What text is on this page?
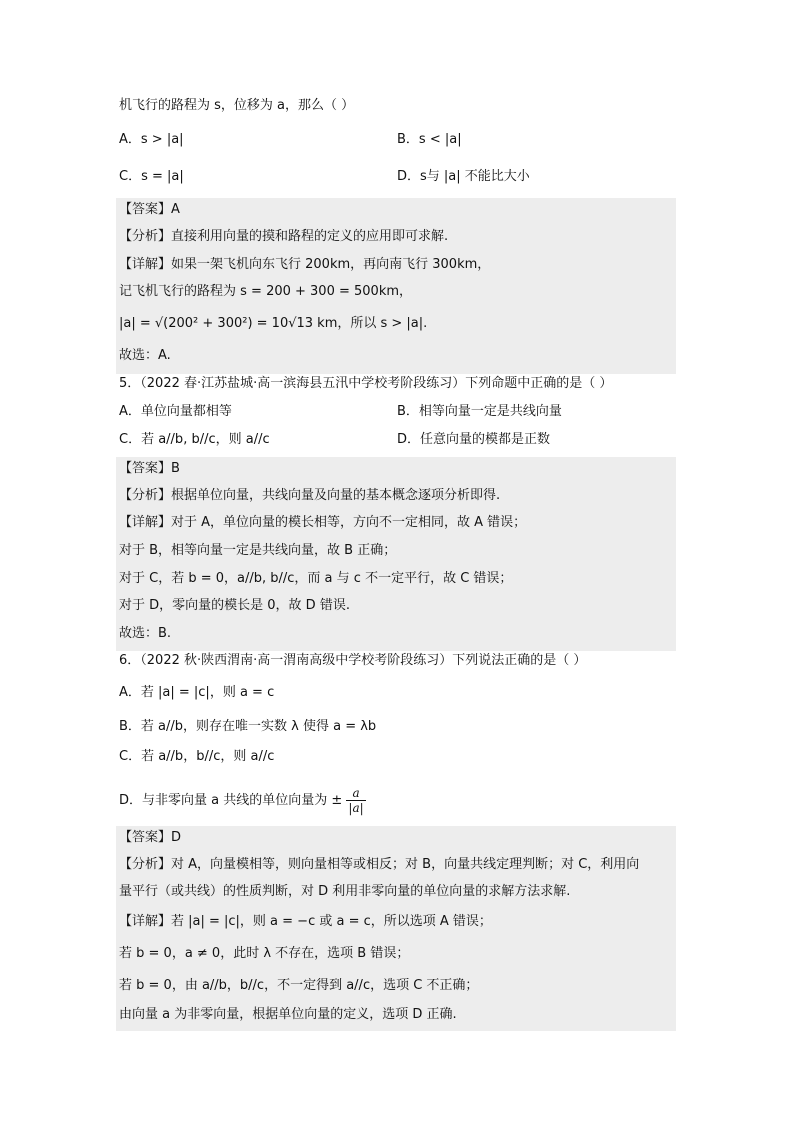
机飞行的路程为 s，位移为 a，那么（ ）
A．s > |a|	B．s < |a|
C．s = |a|	D．s与 |a| 不能比大小
【答案】A
【分析】直接利用向量的摸和路程的定义的应用即可求解.
【详解】如果一架飞机向东飞行 200km，再向南飞行 300km，
记飞机飞行的路程为 s = 200 + 300 = 500km，
|a| = √(200² + 300²) = 10√13 km，所以 s > |a|.
故选：A.
5．（2022 春·江苏盐城·高一滨海县五汛中学校考阶段练习）下列命题中正确的是（ ）
A．单位向量都相等	B．相等向量一定是共线向量
C．若 a//b, b//c，则 a//c	D．任意向量的模都是正数
【答案】B
【分析】根据单位向量，共线向量及向量的基本概念逐项分析即得.
【详解】对于 A，单位向量的模长相等，方向不一定相同，故 A 错误；
对于 B，相等向量一定是共线向量，故 B 正确；
对于 C，若 b = 0，a//b, b//c，而 a 与 c 不一定平行，故 C 错误；
对于 D，零向量的模长是 0，故 D 错误.
故选：B.
6．（2022 秋·陕西渭南·高一渭南高级中学校考阶段练习）下列说法正确的是（ ）
A．若 |a| = |c|，则 a = c
B．若 a//b，则存在唯一实数 λ 使得 a = λb
C．若 a//b，b//c，则 a//c
D．与非零向量 a 共线的单位向量为 ± $\frac{a}{|a|}$
【答案】D
【分析】对 A，向量模相等，则向量相等或相反；对 B，向量共线定理判断；对 C，利用向
量平行（或共线）的性质判断，对 D 利用非零向量的单位向量的求解方法求解.
【详解】若 |a| = |c|，则 a = −c 或 a = c，所以选项 A 错误；
若 b = 0，a ≠ 0，此时 λ 不存在，选项 B 错误；
若 b = 0，由 a//b，b//c，不一定得到 a//c，选项 C 不正确；
由向量 a 为非零向量，根据单位向量的定义，选项 D 正确.
